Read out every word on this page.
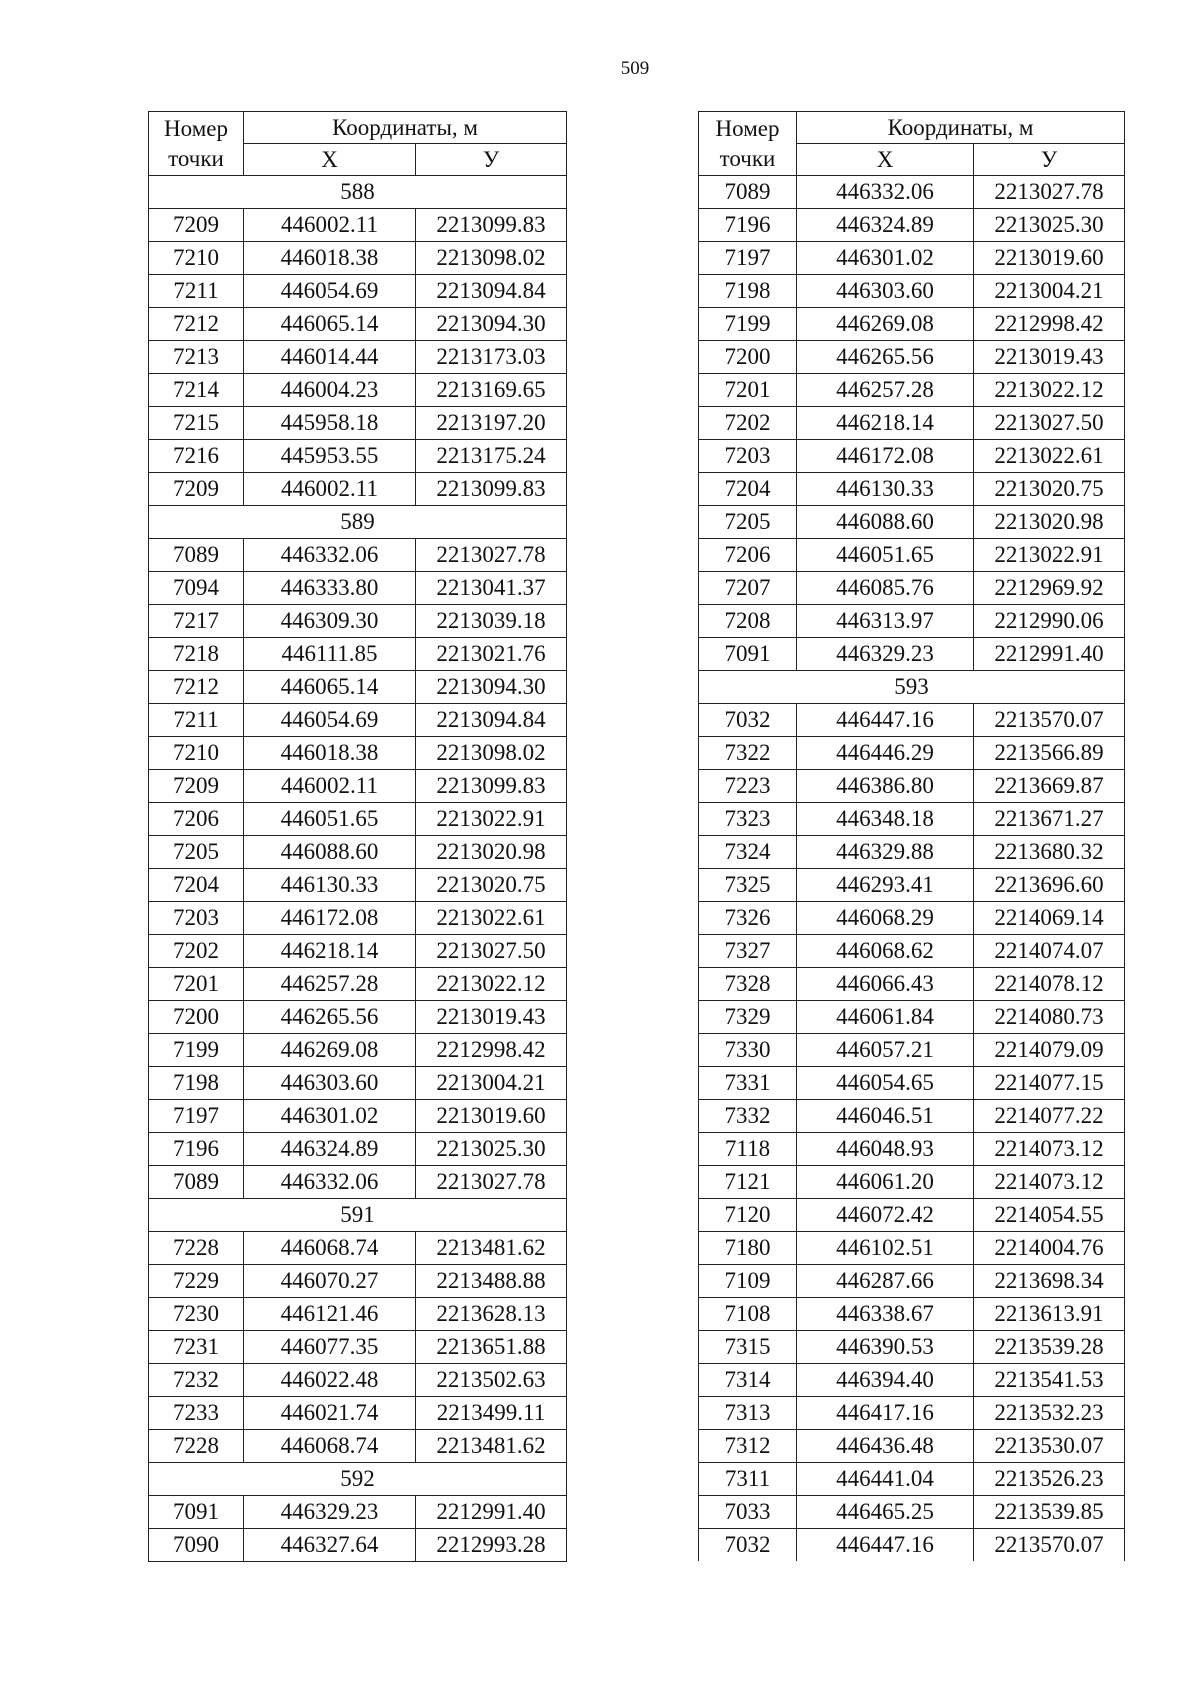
509
Номер
точки	Координаты, м	
	X	У
588		
7209	446002.11	2213099.83
7210	446018.38	2213098.02
7211	446054.69	2213094.84
7212	446065.14	2213094.30
7213	446014.44	2213173.03
7214	446004.23	2213169.65
7215	445958.18	2213197.20
7216	445953.55	2213175.24
7209	446002.11	2213099.83
589		
7089	446332.06	2213027.78
7094	446333.80	2213041.37
7217	446309.30	2213039.18
7218	446111.85	2213021.76
7212	446065.14	2213094.30
7211	446054.69	2213094.84
7210	446018.38	2213098.02
7209	446002.11	2213099.83
7206	446051.65	2213022.91
7205	446088.60	2213020.98
7204	446130.33	2213020.75
7203	446172.08	2213022.61
7202	446218.14	2213027.50
7201	446257.28	2213022.12
7200	446265.56	2213019.43
7199	446269.08	2212998.42
7198	446303.60	2213004.21
7197	446301.02	2213019.60
7196	446324.89	2213025.30
7089	446332.06	2213027.78
591		
7228	446068.74	2213481.62
7229	446070.27	2213488.88
7230	446121.46	2213628.13
7231	446077.35	2213651.88
7232	446022.48	2213502.63
7233	446021.74	2213499.11
7228	446068.74	2213481.62
592		
7091	446329.23	2212991.40
7090	446327.64	2212993.28
Номер
точки	Координаты, м	
	X	У
7089	446332.06	2213027.78
7196	446324.89	2213025.30
7197	446301.02	2213019.60
7198	446303.60	2213004.21
7199	446269.08	2212998.42
7200	446265.56	2213019.43
7201	446257.28	2213022.12
7202	446218.14	2213027.50
7203	446172.08	2213022.61
7204	446130.33	2213020.75
7205	446088.60	2213020.98
7206	446051.65	2213022.91
7207	446085.76	2212969.92
7208	446313.97	2212990.06
7091	446329.23	2212991.40
593		
7032	446447.16	2213570.07
7322	446446.29	2213566.89
7223	446386.80	2213669.87
7323	446348.18	2213671.27
7324	446329.88	2213680.32
7325	446293.41	2213696.60
7326	446068.29	2214069.14
7327	446068.62	2214074.07
7328	446066.43	2214078.12
7329	446061.84	2214080.73
7330	446057.21	2214079.09
7331	446054.65	2214077.15
7332	446046.51	2214077.22
7118	446048.93	2214073.12
7121	446061.20	2214073.12
7120	446072.42	2214054.55
7180	446102.51	2214004.76
7109	446287.66	2213698.34
7108	446338.67	2213613.91
7315	446390.53	2213539.28
7314	446394.40	2213541.53
7313	446417.16	2213532.23
7312	446436.48	2213530.07
7311	446441.04	2213526.23
7033	446465.25	2213539.85
7032	446447.16	2213570.07
